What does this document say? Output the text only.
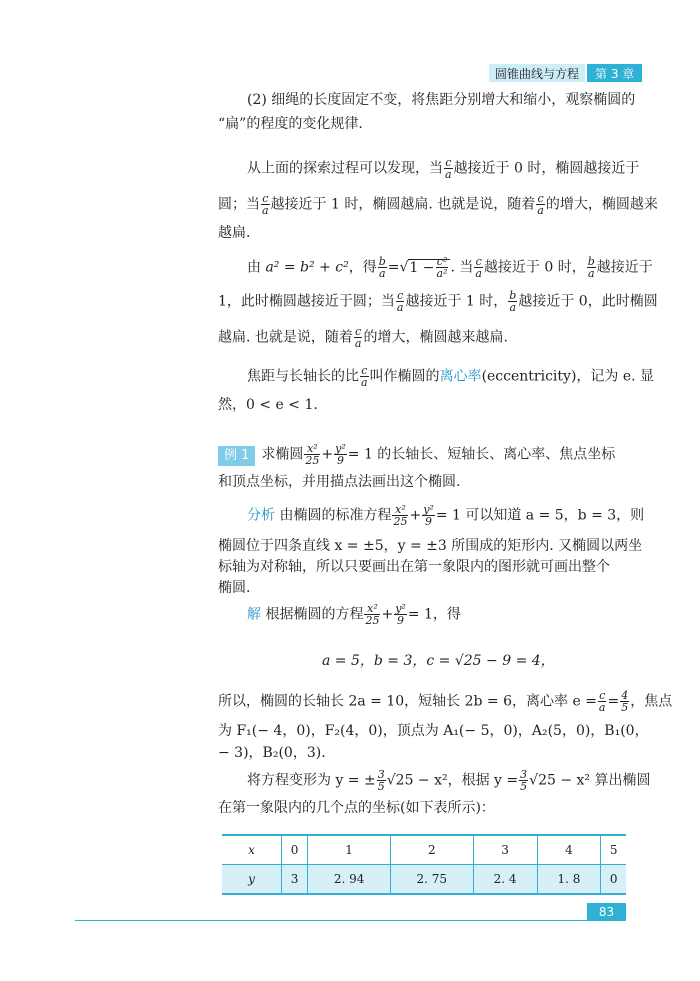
圆锥曲线与方程	第 3 章
(2) 细绳的长度固定不变，将焦距分别增大和缩小，观察椭圆的
“扁”的程度的变化规律.
从上面的探索过程可以发现，当 $\frac{c}{a}$ 越接近于 0 时，椭圆越接近于
圆；当 $\frac{c}{a}$ 越接近于 1 时，椭圆越扁. 也就是说，随着 $\frac{c}{a}$ 的增大，椭圆越来
越扁.
由 a² = b² + c²，得 $\frac{b}{a} =√1 - \frac{\text{c²}}{\text{a²}}$ . 当 $\frac{c}{a}$ 越接近于 0 时， $\frac{b}{a}$ 越接近于
1，此时椭圆越接近于圆；当 $\frac{c}{a}$ 越接近于 1 时， $\frac{b}{a}$ 越接近于 0，此时椭圆
越扁. 也就是说，随着 $\frac{c}{a}$ 的增大，椭圆越来越扁.
焦距与长轴长的比 $\frac{c}{a}$ 叫作椭圆的离心率(eccentricity)，记为 e. 显
然，0 < e < 1.
例 1 求椭圆 $\frac{\text{x²}}{25} + \frac{\text{y²}}{9} = 1$ 的长轴长、短轴长、离心率、焦点坐标
和顶点坐标，并用描点法画出这个椭圆.
分析 由椭圆的标准方程 $\frac{\text{x²}}{25} + \frac{\text{y²}}{9} = 1$ 可以知道 a = 5，b = 3，则
椭圆位于四条直线 x = ±5，y = ±3 所围成的矩形内. 又椭圆以两坐
标轴为对称轴，所以只要画出在第一象限内的图形就可画出整个
椭圆.
解 根据椭圆的方程 $\frac{\text{x²}}{25} + \frac{\text{y²}}{9} = 1$，得
a = 5，b = 3，c = √25 − 9 = 4，
所以，椭圆的长轴长 2a = 10，短轴长 2b = 6，离心率 $e = \frac{c}{a} = \frac{4}{5}$ ，焦点
为 F₁(− 4，0)，F₂(4，0)，顶点为 A₁(− 5，0)，A₂(5，0)，B₁(0，
− 3)，B₂(0，3).
将方程变形为 y = ± $\frac{3}{5} √25 - x^2$，根据 $y = \frac{3}{5} √25 - x^2$ 算出椭圆
在第一象限内的几个点的坐标(如下表所示)：
x	0	1	2	3	4	5
y	3	2. 94	2. 75	2. 4	1. 8	0
83
